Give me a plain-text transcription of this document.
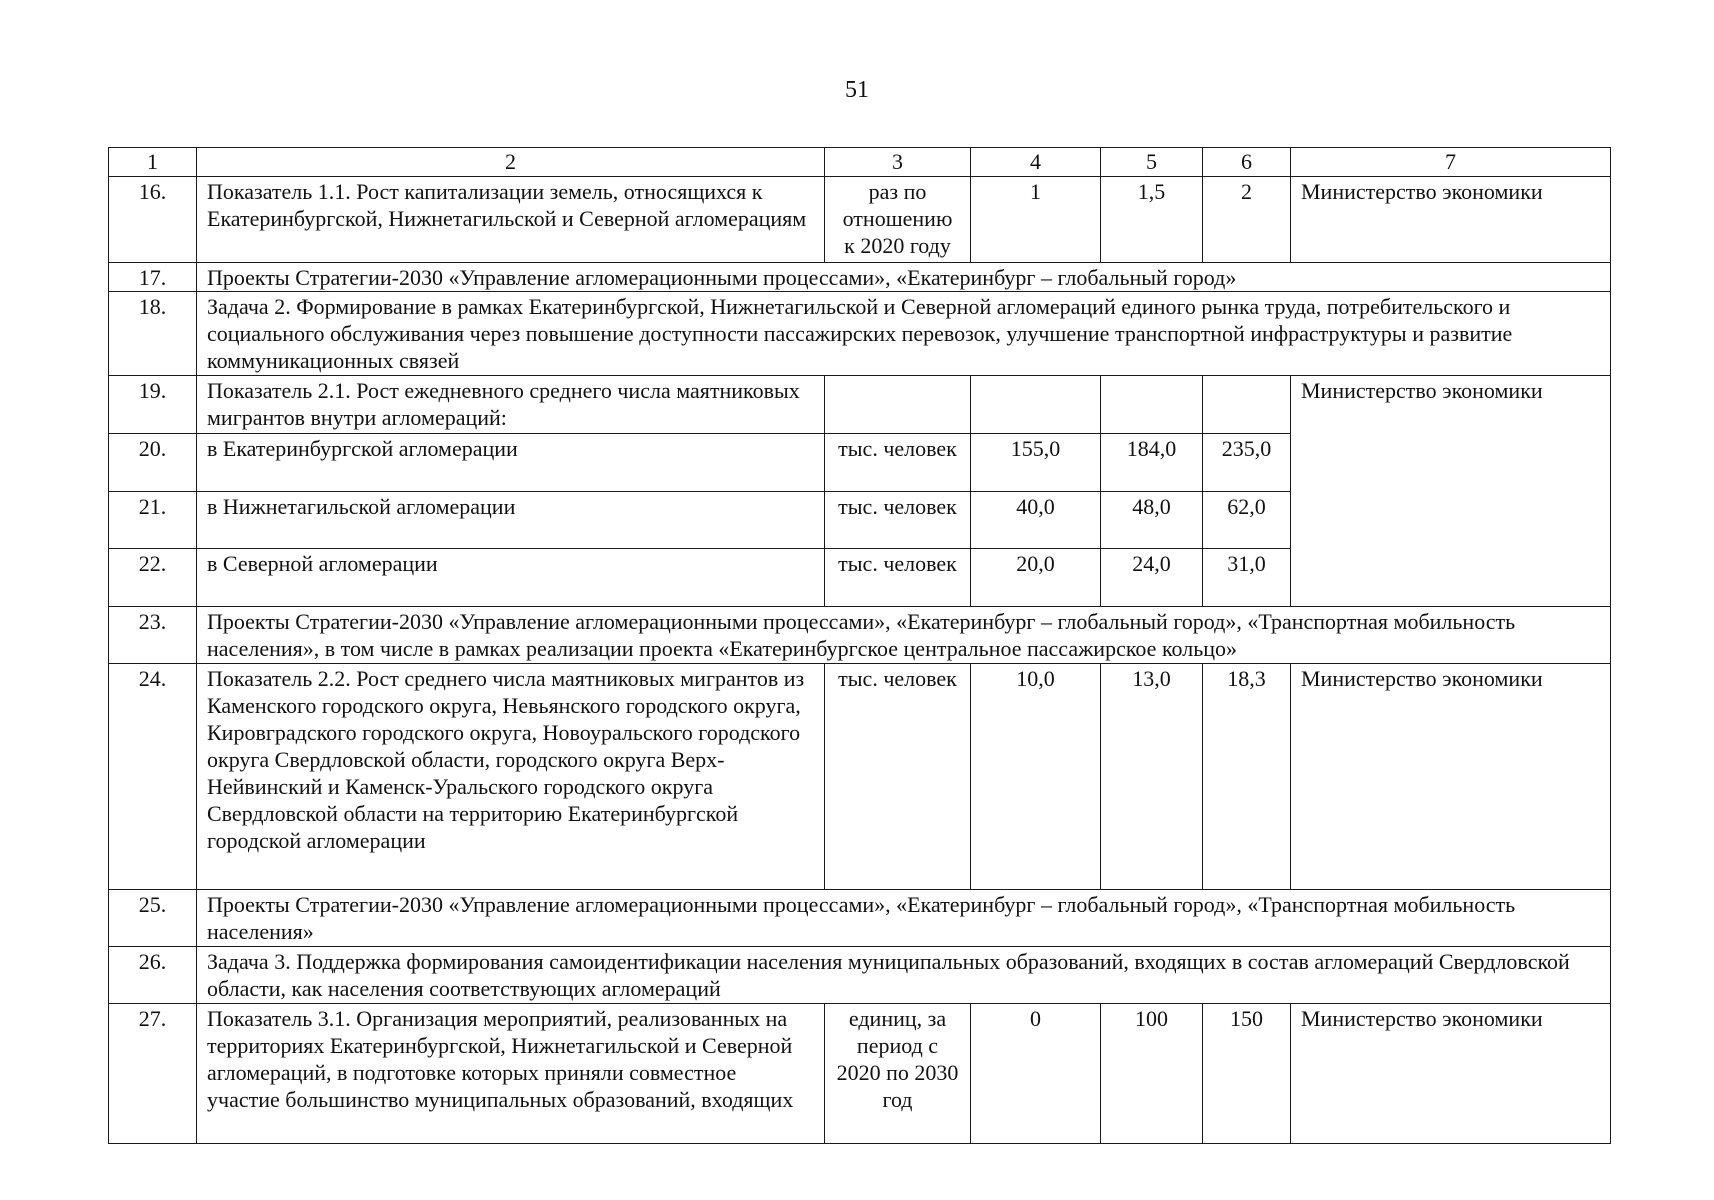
51
1	2	3	4	5	6	7
16.	Показатель 1.1. Рост капитализации земель, относящихся к Екатеринбургской, Нижнетагильской и Северной агломерациям	раз по отношению к 2020 году	1	1,5	2	Министерство экономики
17.	Проекты Стратегии-2030 «Управление агломерационными процессами», «Екатеринбург – глобальный город»					
18.	Задача 2. Формирование в рамках Екатеринбургской, Нижнетагильской и Северной агломераций единого рынка труда, потребительского и социального обслуживания через повышение доступности пассажирских перевозок, улучшение транспортной инфраструктуры и развитие коммуникационных связей					
19.	Показатель 2.1. Рост ежедневного среднего числа маятниковых мигрантов внутри агломераций:					Министерство экономики
20.	в Екатеринбургской агломерации	тыс. человек	155,0	184,0	235,0	
21.	в Нижнетагильской агломерации	тыс. человек	40,0	48,0	62,0	
22.	в Северной агломерации	тыс. человек	20,0	24,0	31,0	
23.	Проекты Стратегии-2030 «Управление агломерационными процессами», «Екатеринбург – глобальный город», «Транспортная мобильность населения», в том числе в рамках реализации проекта «Екатеринбургское центральное пассажирское кольцо»					
24.	Показатель 2.2. Рост среднего числа маятниковых мигрантов из Каменского городского округа, Невьянского городского округа, Кировградского городского округа, Новоуральского городского округа Свердловской области, городского округа Верх-Нейвинский и Каменск-Уральского городского округа Свердловской области на территорию Екатеринбургской городской агломерации	тыс. человек	10,0	13,0	18,3	Министерство экономики
25.	Проекты Стратегии-2030 «Управление агломерационными процессами», «Екатеринбург – глобальный город», «Транспортная мобильность населения»					
26.	Задача 3. Поддержка формирования самоидентификации населения муниципальных образований, входящих в состав агломераций Свердловской области, как населения соответствующих агломераций					
27.	Показатель 3.1. Организация мероприятий, реализованных на территориях Екатеринбургской, Нижнетагильской и Северной агломераций, в подготовке которых приняли совместное участие большинство муниципальных образований, входящих	единиц, за период с 2020 по 2030 год	0	100	150	Министерство экономики
